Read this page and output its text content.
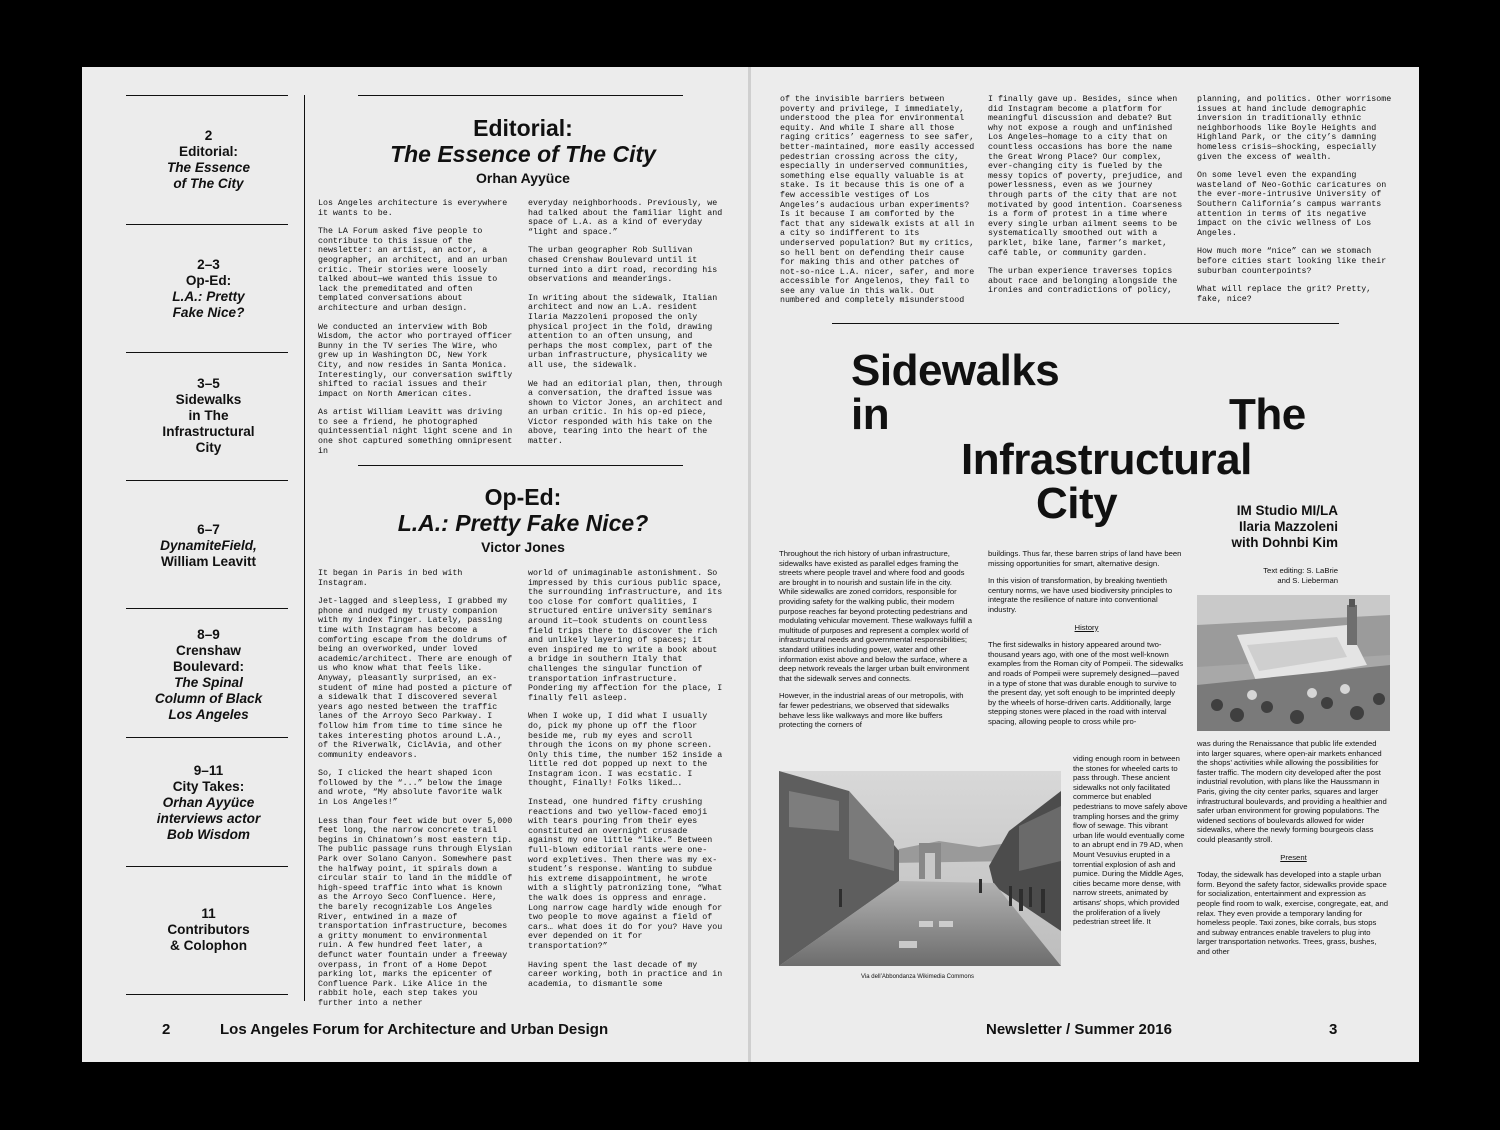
2
Editorial:
The Essence
of The City
2–3
Op-Ed:
L.A.: Pretty
Fake Nice?
3–5
Sidewalks
in The
Infrastructural
City
6–7
DynamiteField,
William Leavitt
8–9
Crenshaw
Boulevard:
The Spinal
Column of Black
Los Angeles
9–11
City Takes:
Orhan Ayyüce
interviews actor
Bob Wisdom
11
Contributors
& Colophon
Editorial:
The Essence of The City
Orhan Ayyüce

Los Angeles architecture is everywhere it wants to be.

The LA Forum asked five people to contribute to this issue of the newsletter: an artist, an actor, a geographer, an architect, and an urban critic. Their stories were loosely talked about—we wanted this issue to lack the premeditated and often templated conversations about architecture and urban design.

We conducted an interview with Bob Wisdom, the actor who portrayed officer Bunny in the TV series The Wire, who grew up in Washington DC, New York City, and now resides in Santa Monica. Interestingly, our conversation swiftly shifted to racial issues and their impact on North American cites.

As artist William Leavitt was driving to see a friend, he photographed quintessential night light scene and in one shot captured something omnipresent in

everyday neighborhoods. Previously, we had talked about the familiar light and space of L.A. as a kind of everyday “light and space.”

The urban geographer Rob Sullivan chased Crenshaw Boulevard until it turned into a dirt road, recording his observations and meanderings.

In writing about the sidewalk, Italian architect and now an L.A. resident Ilaria Mazzoleni proposed the only physical project in the fold, drawing attention to an often unsung, and perhaps the most complex, part of the urban infrastructure, physicality we all use, the sidewalk.

We had an editorial plan, then, through a conversation, the drafted issue was shown to Victor Jones, an architect and an urban critic. In his op-ed piece, Victor responded with his take on the above, tearing into the heart of the matter.

Op-Ed:
L.A.: Pretty Fake Nice?
Victor Jones

It began in Paris in bed with Instagram.

Jet-lagged and sleepless, I grabbed my phone and nudged my trusty companion with my index finger. Lately, passing time with Instagram has become a comforting escape from the doldrums of being an overworked, under loved academic/architect. There are enough of us who know what that feels like. Anyway, pleasantly surprised, an ex-student of mine had posted a picture of a sidewalk that I discovered several years ago nested between the traffic lanes of the Arroyo Seco Parkway. I follow him from time to time since he takes interesting photos around L.A., of the Riverwalk, CiclAvia, and other community endeavors.

So, I clicked the heart shaped icon followed by the “...” below the image and wrote, “My absolute favorite walk in Los Angeles!”

Less than four feet wide but over 5,000 feet long, the narrow concrete trail begins in Chinatown’s most eastern tip. The public passage runs through Elysian Park over Solano Canyon. Somewhere past the halfway point, it spirals down a circular stair to land in the middle of high-speed traffic into what is known as the Arroyo Seco Confluence. Here, the barely recognizable Los Angeles River, entwined in a maze of transportation infrastructure, becomes a gritty monument to environmental ruin. A few hundred feet later, a defunct water fountain under a freeway overpass, in front of a Home Depot parking lot, marks the epicenter of Confluence Park. Like Alice in the rabbit hole, each step takes you further into a nether

world of unimaginable astonishment. So impressed by this curious public space, the surrounding infrastructure, and its too close for comfort qualities, I structured entire university seminars around it—took students on countless field trips there to discover the rich and unlikely layering of spaces; it even inspired me to write a book about a bridge in southern Italy that challenges the singular function of transportation infrastructure. Pondering my affection for the place, I finally fell asleep.

When I woke up, I did what I usually do, pick my phone up off the floor beside me, rub my eyes and scroll through the icons on my phone screen. Only this time, the number 152 inside a little red dot popped up next to the Instagram icon. I was ecstatic. I thought, Finally! Folks liked….

Instead, one hundred fifty crushing reactions and two yellow-faced emoji with tears pouring from their eyes constituted an overnight crusade against my one little “like.” Between full-blown editorial rants were one-word expletives. Then there was my ex-student’s response. Wanting to subdue his extreme disappointment, he wrote with a slightly patronizing tone, “What the walk does is oppress and enrage. Long narrow cage hardly wide enough for two people to move against a field of cars… what does it do for you? Have you ever depended on it for transportation?”

Having spent the last decade of my career working, both in practice and in academia, to dismantle some

2	Los Angeles Forum for Architecture and Urban Design

of the invisible barriers between poverty and privilege, I immediately, understood the plea for environmental equity. And while I share all those raging critics’ eagerness to see safer, better-maintained, more easily accessed pedestrian crossing across the city, especially in underserved communities, something else equally valuable is at stake. Is it because this is one of a few accessible vestiges of Los Angeles’s audacious urban experiments? Is it because I am comforted by the fact that any sidewalk exists at all in a city so indifferent to its underserved population? But my critics, so hell bent on defending their cause for making this and other patches of not-so-nice L.A. nicer, safer, and more accessible for Angelenos, they fail to see any value in this walk. Out numbered and completely misunderstood

I finally gave up. Besides, since when did Instagram become a platform for meaningful discussion and debate? But why not expose a rough and unfinished Los Angeles—homage to a city that on countless occasions has bore the name the Great Wrong Place? Our complex, ever-changing city is fueled by the messy topics of poverty, prejudice, and powerlessness, even as we journey through parts of the city that are not motivated by good intention. Coarseness is a form of protest in a time where every single urban ailment seems to be systematically smoothed out with a parklet, bike lane, farmer’s market, café table, or community garden.

The urban experience traverses topics about race and belonging alongside the ironies and contradictions of policy,

planning, and politics. Other worrisome issues at hand include demographic inversion in traditionally ethnic neighborhoods like Boyle Heights and Highland Park, or the city’s damning homeless crisis—shocking, especially given the excess of wealth.

On some level even the expanding wasteland of Neo-Gothic caricatures on the ever-more-intrusive University of Southern California’s campus warrants attention in terms of its negative impact on the civic wellness of Los Angeles.

How much more “nice” can we stomach before cities start looking like their suburban counterpoints?

What will replace the grit? Pretty, fake, nice?

Sidewalks
in	The
Infrastructural
City	IM Studio MI/LA
Ilaria Mazzoleni
with Dohnbi Kim
Text editing: S. LaBrie
and S. Lieberman

Throughout the rich history of urban infrastructure, sidewalks have existed as parallel edges framing the streets where people travel and where food and goods are brought in to nourish and sustain life in the city. While sidewalks are zoned corridors, responsible for providing safety for the walking public, their modern purpose reaches far beyond protecting pedestrians and modulating vehicular movement. These walkways fulfill a multitude of purposes and represent a complex world of infrastructural needs and governmental responsibilities; standard utilities including power, water and other information exist above and below the surface, where a deep network reveals the larger urban built environment that the sidewalk serves and connects.

However, in the industrial areas of our metropolis, with far fewer pedestrians, we observed that sidewalks behave less like walkways and more like buffers protecting the corners of

buildings. Thus far, these barren strips of land have been missing opportunities for smart, alternative design.

In this vision of transformation, by breaking twentieth century norms, we have used biodiversity principles to integrate the resilience of nature into conventional industry.

History

The first sidewalks in history appeared around two-thousand years ago, with one of the most well-known examples from the Roman city of Pompeii. The sidewalks and roads of Pompeii were supremely designed—paved in a type of stone that was durable enough to survive to the present day, yet soft enough to be imprinted deeply by the wheels of horse-driven carts. Additionally, large stepping stones were placed in the road with interval spacing, allowing people to cross while pro-

Via dell’Abbondanza Wikimedia Commons

viding enough room in between the stones for wheeled carts to pass through. These ancient sidewalks not only facilitated commerce but enabled pedestrians to move safely above trampling horses and the grimy flow of sewage. This vibrant urban life would eventually come to an abrupt end in 79 AD, when Mount Vesuvius erupted in a torrential explosion of ash and pumice. During the Middle Ages, cities became more dense, with narrow streets, animated by artisans’ shops, which provided the proliferation of a lively pedestrian street life. It

was during the Renaissance that public life extended into larger squares, where open-air markets enhanced the shops’ activities while allowing the possibilities for faster traffic. The modern city developed after the post industrial revolution, with plans like the Haussmann in Paris, giving the city center parks, squares and larger infrastructural boulevards, and providing a healthier and safer urban environment for growing populations. The widened sections of boulevards allowed for wider sidewalks, where the newly forming bourgeois class could pleasantly stroll.

Present

Today, the sidewalk has developed into a staple urban form. Beyond the safety factor, sidewalks provide space for socialization, entertainment and expression as people find room to walk, exercise, congregate, eat, and relax. They even provide a temporary landing for homeless people. Taxi zones, bike corrals, bus stops and subway entrances enable travelers to plug into larger transportation networks. Trees, grass, bushes, and other

Newsletter / Summer 2016	3
